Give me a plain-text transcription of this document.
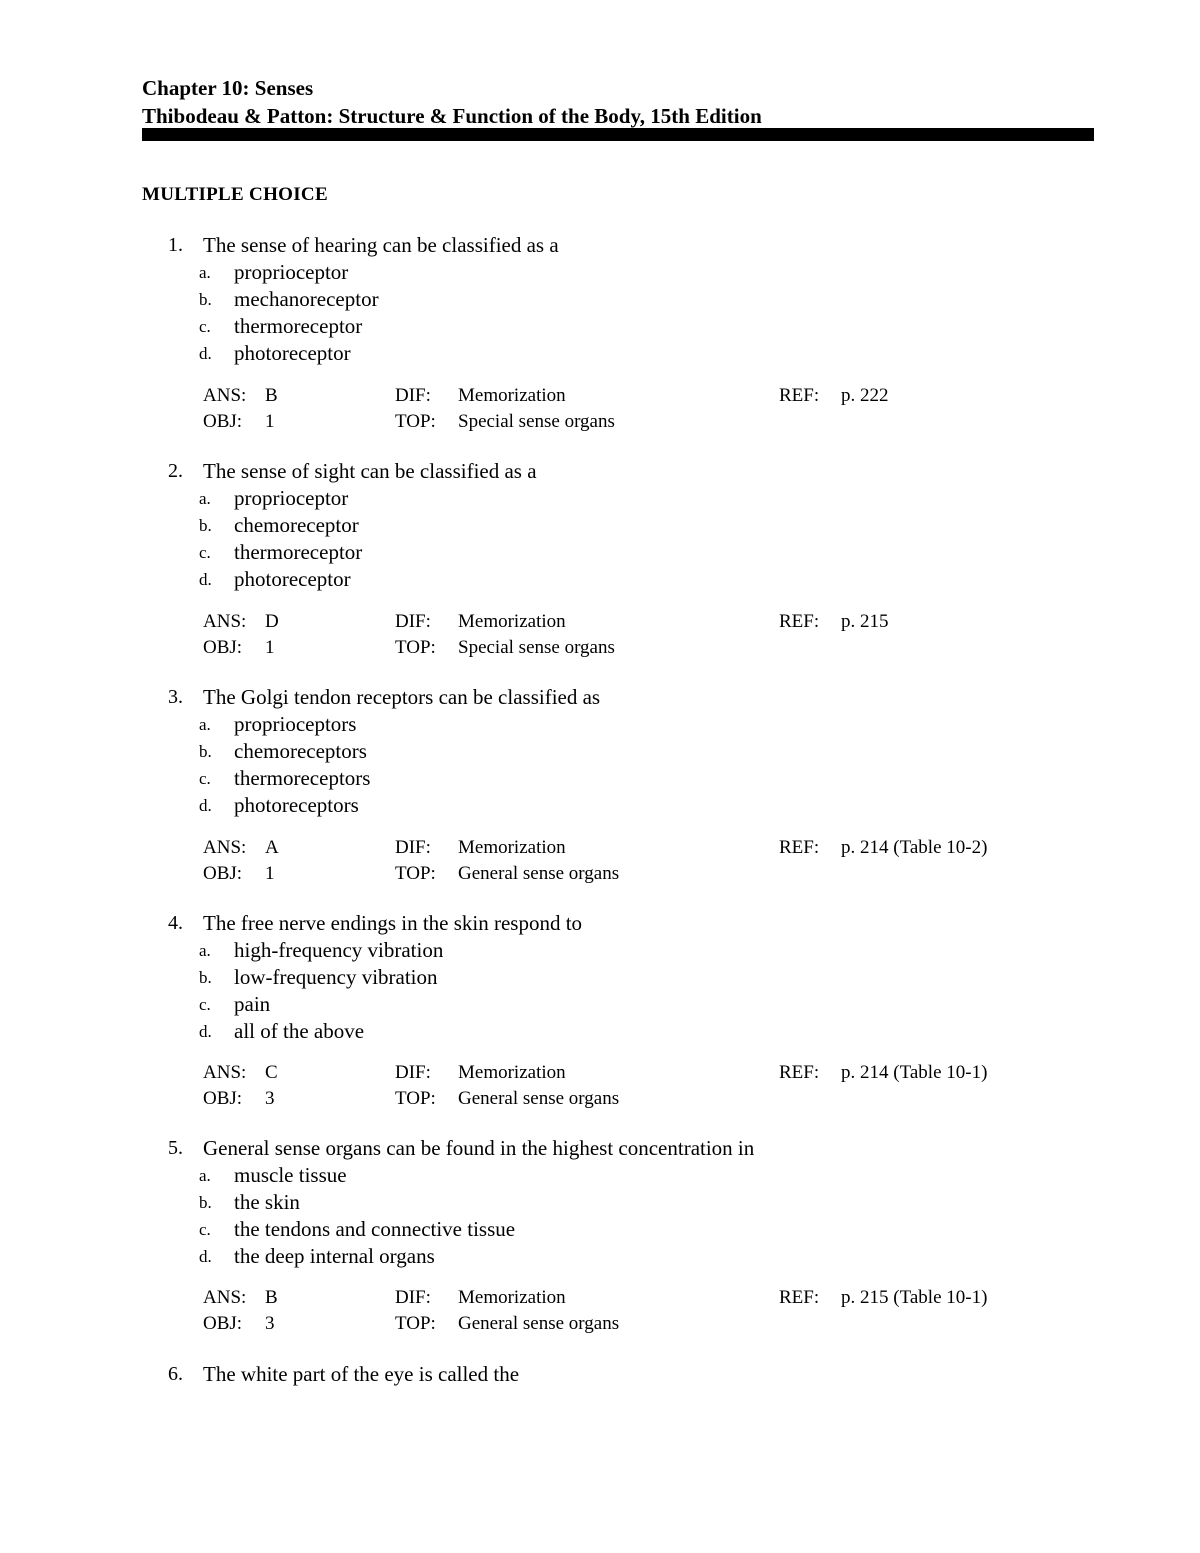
Chapter 10: Senses
Thibodeau & Patton: Structure & Function of the Body, 15th Edition
MULTIPLE CHOICE
1. The sense of hearing can be classified as a
a. proprioceptor
b. mechanoreceptor
c. thermoreceptor
d. photoreceptor
ANS: B	DIF: Memorization	REF: p. 222
OBJ: 1	TOP: Special sense organs
2. The sense of sight can be classified as a
a. proprioceptor
b. chemoreceptor
c. thermoreceptor
d. photoreceptor
ANS: D	DIF: Memorization	REF: p. 215
OBJ: 1	TOP: Special sense organs
3. The Golgi tendon receptors can be classified as
a. proprioceptors
b. chemoreceptors
c. thermoreceptors
d. photoreceptors
ANS: A	DIF: Memorization	REF: p. 214 (Table 10-2)
OBJ: 1	TOP: General sense organs
4. The free nerve endings in the skin respond to
a. high-frequency vibration
b. low-frequency vibration
c. pain
d. all of the above
ANS: C	DIF: Memorization	REF: p. 214 (Table 10-1)
OBJ: 3	TOP: General sense organs
5. General sense organs can be found in the highest concentration in
a. muscle tissue
b. the skin
c. the tendons and connective tissue
d. the deep internal organs
ANS: B	DIF: Memorization	REF: p. 215 (Table 10-1)
OBJ: 3	TOP: General sense organs
6. The white part of the eye is called the
